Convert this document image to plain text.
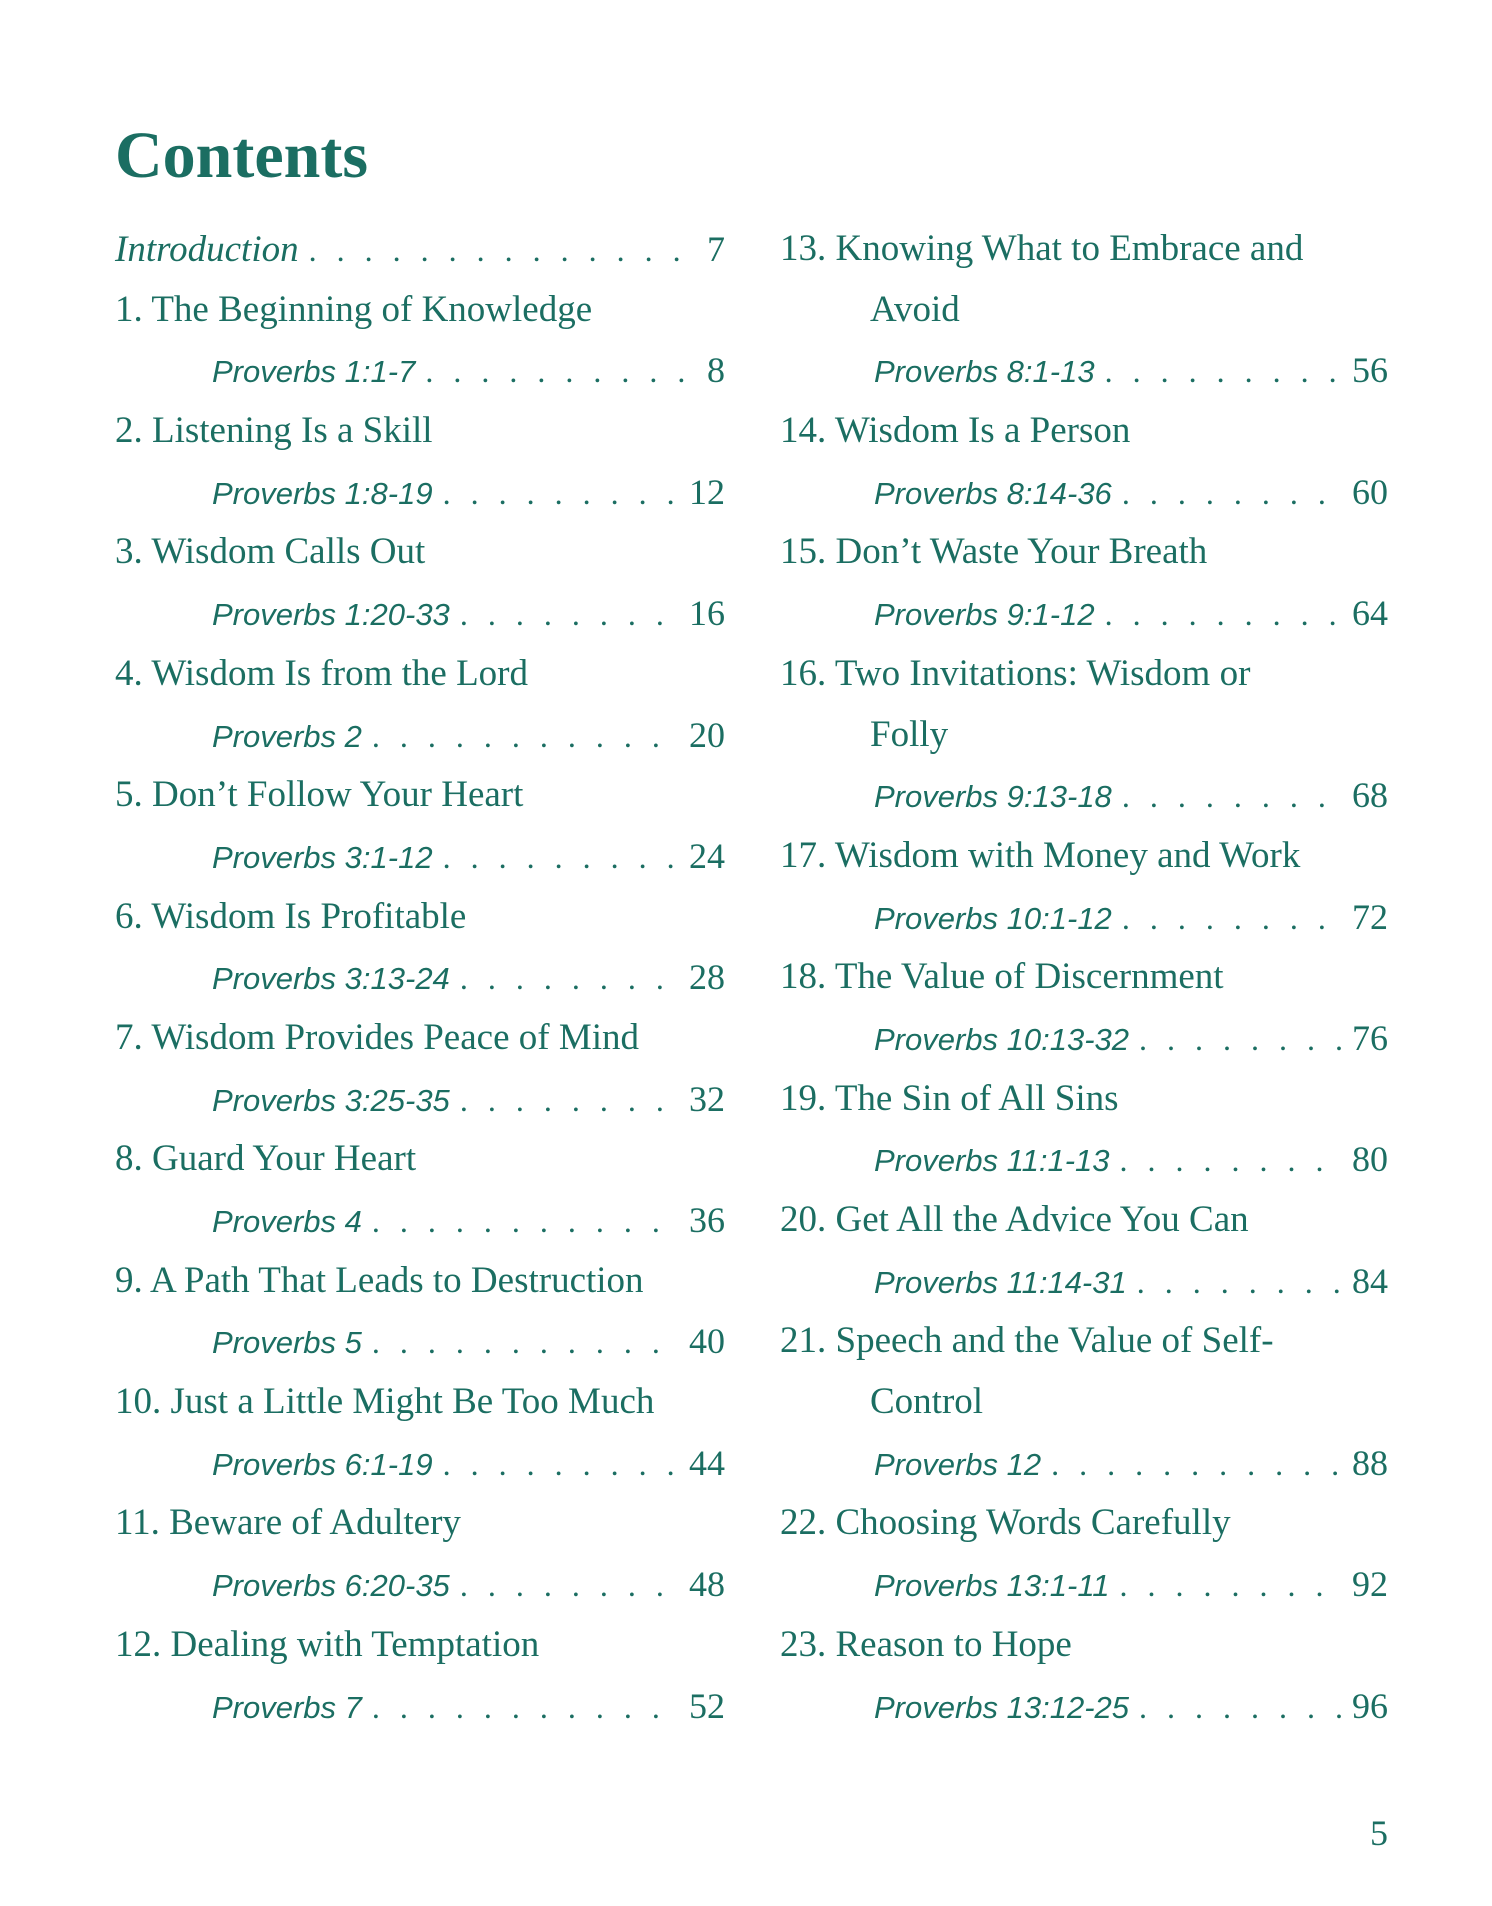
Contents
Introduction . . .	7
1. The Beginning of Knowledge
Proverbs 1:1-7 . . .	8
2. Listening Is a Skill
Proverbs 1:8-19 . . .	12
3. Wisdom Calls Out
Proverbs 1:20-33 . . .	16
4. Wisdom Is from the Lord
Proverbs 2 . . .	20
5. Don’t Follow Your Heart
Proverbs 3:1-12 . . .	24
6. Wisdom Is Profitable
Proverbs 3:13-24 . . .	28
7. Wisdom Provides Peace of Mind
Proverbs 3:25-35 . . .	32
8. Guard Your Heart
Proverbs 4 . . .	36
9. A Path That Leads to Destruction
Proverbs 5 . . .	40
10. Just a Little Might Be Too Much
Proverbs 6:1-19 . . .	44
11. Beware of Adultery
Proverbs 6:20-35 . . .	48
12. Dealing with Temptation
Proverbs 7 . . .	52
13. Knowing What to Embrace and
Avoid
Proverbs 8:1-13 . . .	56
14. Wisdom Is a Person
Proverbs 8:14-36 . . .	60
15. Don’t Waste Your Breath
Proverbs 9:1-12 . . .	64
16. Two Invitations: Wisdom or
Folly
Proverbs 9:13-18 . . .	68
17. Wisdom with Money and Work
Proverbs 10:1-12 . . .	72
18. The Value of Discernment
Proverbs 10:13-32 . . .	76
19. The Sin of All Sins
Proverbs 11:1-13 . . .	80
20. Get All the Advice You Can
Proverbs 11:14-31 . . .	84
21. Speech and the Value of Self-
Control
Proverbs 12 . . .	88
22. Choosing Words Carefully
Proverbs 13:1-11 . . .	92
23. Reason to Hope
Proverbs 13:12-25 . . .	96
5
